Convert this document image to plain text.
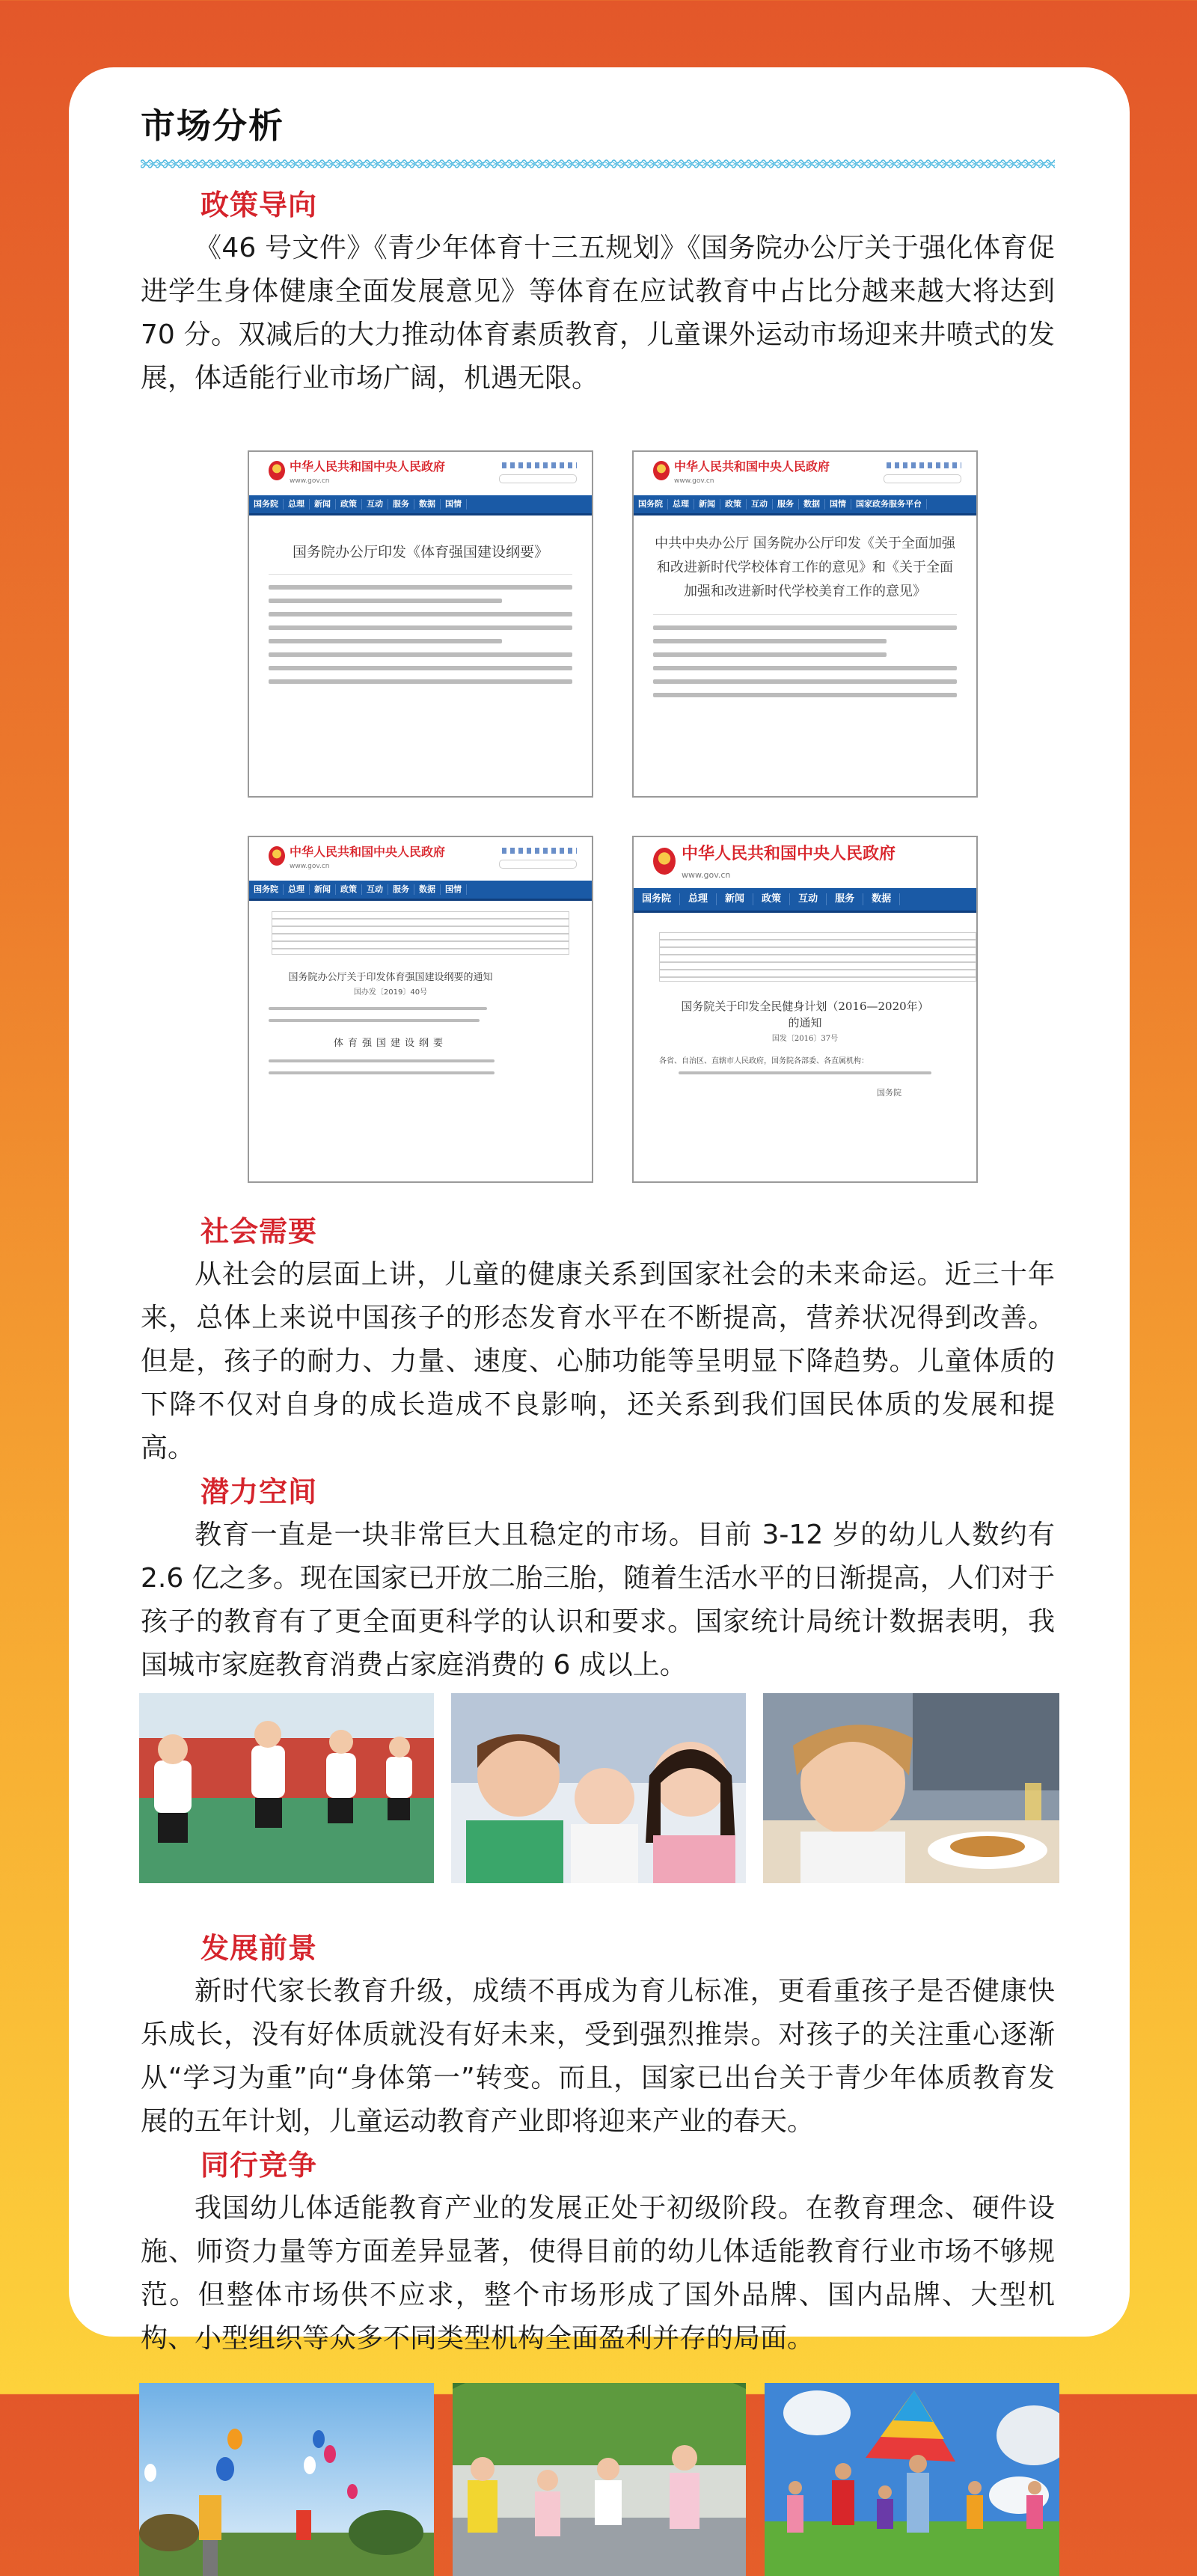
市场分析
政策导向

《46 号文件》《青少年体育十三五规划》《国务院办公厅关于强化体育促进学生身体健康全面发展意见》等体育在应试教育中占比分越来越大将达到 70 分。双减后的大力推动体育素质教育，儿童课外运动市场迎来井喷式的发展，体适能行业市场广阔，机遇无限。

中华人民共和国中央人民政府
www.gov.cn
国务院	总理	新闻	政策	互动	服务	数据	国情
国务院办公厅印发《体育强国建设纲要》
中华人民共和国中央人民政府
www.gov.cn
国务院	总理	新闻	政策	互动	服务	数据	国情	国家政务服务平台
中共中央办公厅 国务院办公厅印发《关于全面加强和改进新时代学校体育工作的意见》和《关于全面加强和改进新时代学校美育工作的意见》
中华人民共和国中央人民政府
www.gov.cn
国务院	总理	新闻	政策	互动	服务	数据	国情
国务院办公厅关于印发体育强国建设纲要的通知
国办发〔2019〕40号
体育强国建设纲要
中华人民共和国中央人民政府
www.gov.cn
国务院	总理	新闻	政策	互动	服务	数据
国务院关于印发全民健身计划（2016—2020年）的通知
国发〔2016〕37号
各省、自治区、直辖市人民政府，国务院各部委、各直属机构：
国务院
社会需要

从社会的层面上讲，儿童的健康关系到国家社会的未来命运。近三十年来，总体上来说中国孩子的形态发育水平在不断提高，营养状况得到改善。但是，孩子的耐力、力量、速度、心肺功能等呈明显下降趋势。儿童体质的下降不仅对自身的成长造成不良影响，还关系到我们国民体质的发展和提高。

潜力空间

教育一直是一块非常巨大且稳定的市场。目前 3-12 岁的幼儿人数约有 2.6 亿之多。现在国家已开放二胎三胎，随着生活水平的日渐提高，人们对于孩子的教育有了更全面更科学的认识和要求。国家统计局统计数据表明，我国城市家庭教育消费占家庭消费的 6 成以上。

发展前景

新时代家长教育升级，成绩不再成为育儿标准，更看重孩子是否健康快乐成长，没有好体质就没有好未来，受到强烈推崇。对孩子的关注重心逐渐从“学习为重”向“身体第一”转变。而且，国家已出台关于青少年体质教育发展的五年计划，儿童运动教育产业即将迎来产业的春天。

同行竞争

我国幼儿体适能教育产业的发展正处于初级阶段。在教育理念、硬件设施、师资力量等方面差异显著，使得目前的幼儿体适能教育行业市场不够规范。但整体市场供不应求，整个市场形成了国外品牌、国内品牌、大型机构、小型组织等众多不同类型机构全面盈利并存的局面。
